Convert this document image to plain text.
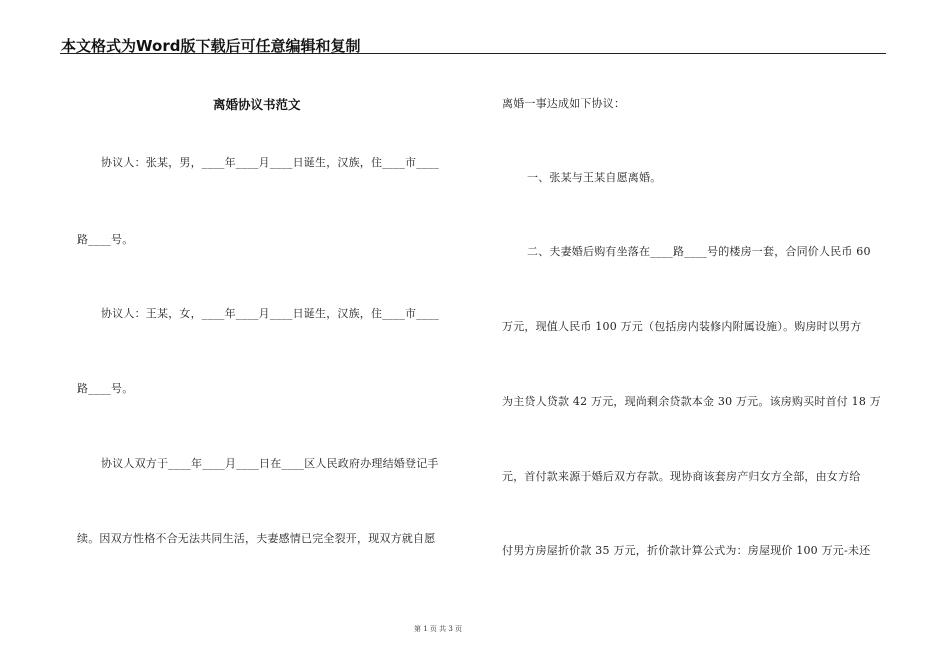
本文格式为Word版下载后可任意编辑和复制
离婚协议书范文
协议人：张某，男，____年____月____日诞生，汉族，住____市____
路____号。
协议人：王某，女，____年____月____日诞生，汉族，住____市____
路____号。
协议人双方于____年____月____日在____区人民政府办理结婚登记手
续。因双方性格不合无法共同生活，夫妻感情已完全裂开，现双方就自愿
离婚一事达成如下协议：
一、张某与王某自愿离婚。
二、夫妻婚后购有坐落在____路____号的楼房一套，合同价人民币 60
万元，现值人民币 100 万元（包括房内装修内附属设施）。购房时以男方
为主贷人贷款 42 万元，现尚剩余贷款本金 30 万元。该房购买时首付 18 万
元，首付款来源于婚后双方存款。现协商该套房产归女方全部，由女方给
付男方房屋折价款 35 万元，折价款计算公式为：房屋现价 100 万元-未还
第 1 页 共 3 页
